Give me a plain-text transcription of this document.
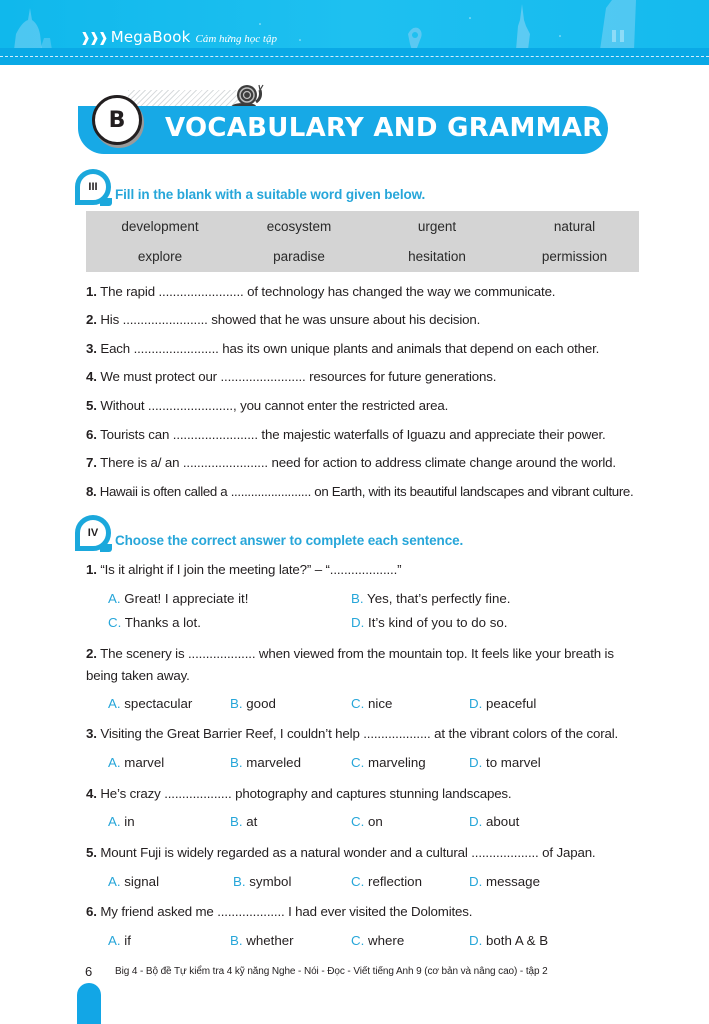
❱❱❱ MegaBook Cảm hứng học tập
B	VOCABULARY AND GRAMMAR
III	Fill in the blank with a suitable word given below.
development	ecosystem	urgent	natural
explore	paradise	hesitation	permission
1. The rapid ........................ of technology has changed the way we communicate.
2. His ........................ showed that he was unsure about his decision.
3. Each ........................ has its own unique plants and animals that depend on each other.
4. We must protect our ........................ resources for future generations.
5. Without ........................, you cannot enter the restricted area.
6. Tourists can ........................ the majestic waterfalls of Iguazu and appreciate their power.
7. There is a/ an ........................ need for action to address climate change around the world.
8. Hawaii is often called a ........................ on Earth, with its beautiful landscapes and vibrant culture.
IV	Choose the correct answer to complete each sentence.
1. “Is it alright if I join the meeting late?” – “...................”
A. Great! I appreciate it!	B. Yes, that’s perfectly fine.
C. Thanks a lot.	D. It’s kind of you to do so.
2. The scenery is ................... when viewed from the mountain top. It feels like your breath is being taken away.
A. spectacular	B. good	C. nice	D. peaceful
3. Visiting the Great Barrier Reef, I couldn’t help ................... at the vibrant colors of the coral.
A. marvel	B. marveled	C. marveling	D. to marvel
4. He’s crazy ................... photography and captures stunning landscapes.
A. in	B. at	C. on	D. about
5. Mount Fuji is widely regarded as a natural wonder and a cultural ................... of Japan.
A. signal	B. symbol	C. reflection	D. message
6. My friend asked me ................... I had ever visited the Dolomites.
A. if	B. whether	C. where	D. both A & B
6 Big 4 - Bộ đề Tự kiểm tra 4 kỹ năng Nghe - Nói - Đọc - Viết tiếng Anh 9 (cơ bản và nâng cao) - tập 2
